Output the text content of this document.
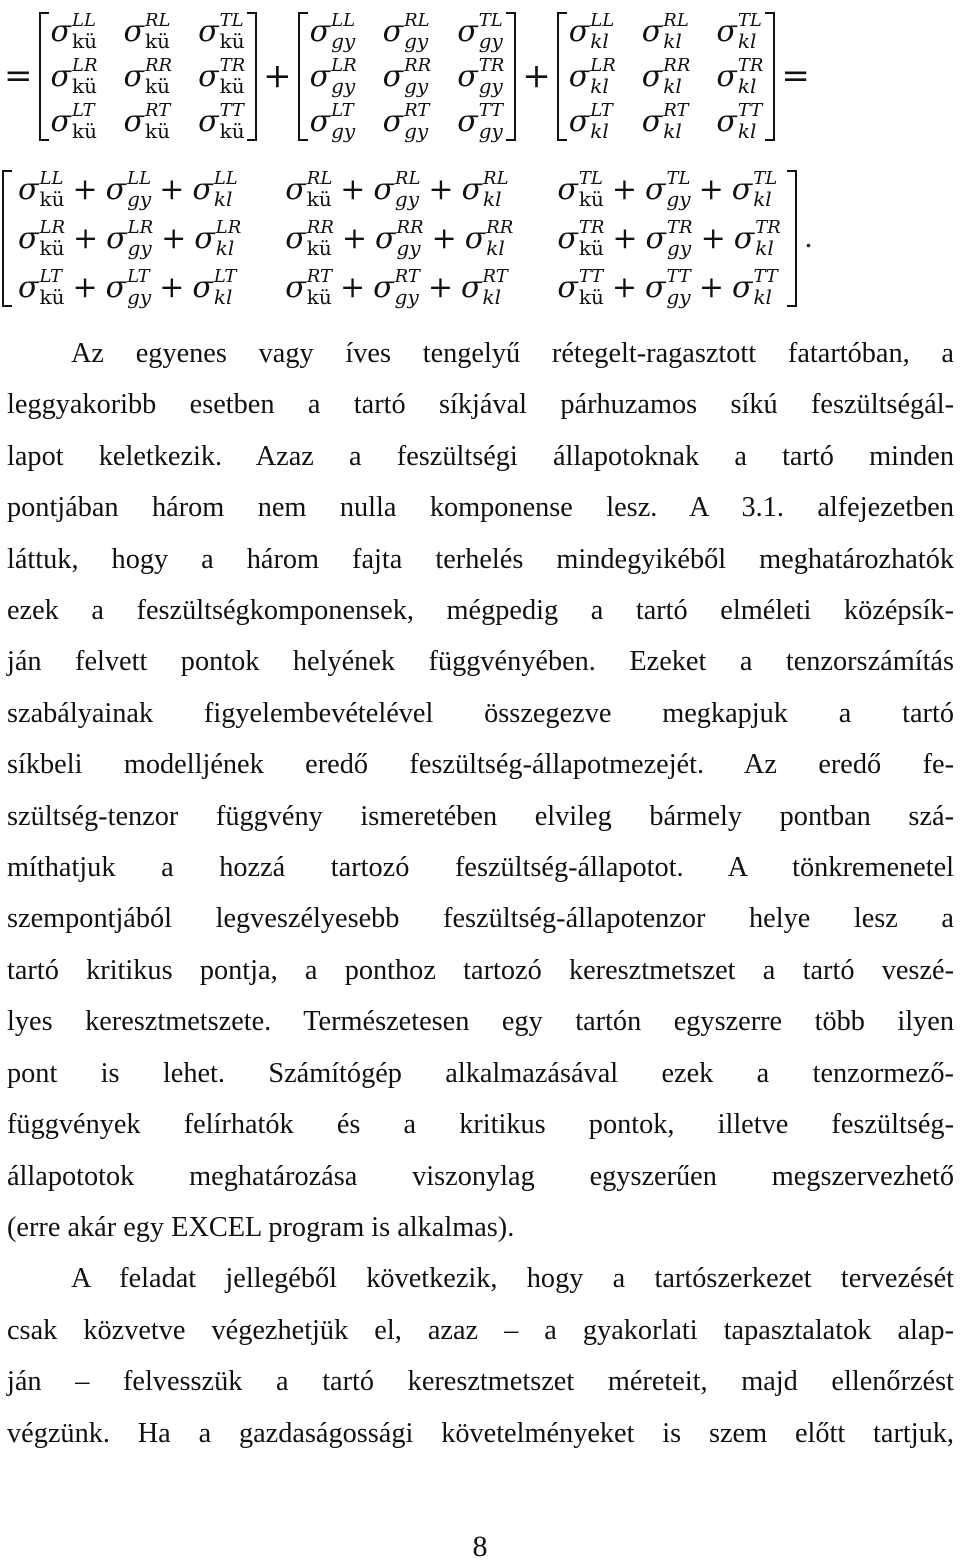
=
σ LL
kü σ RL
kü σ TL
kü
σ LR
kü σ RR
kü σ TR
kü
σ LT
kü σ RT
kü σ TT
kü
+
σ LL
gy σ RL
gy σ TL
gy
σ LR
gy σ RR
gy σ TR
gy
σ LT
gy σ RT
gy σ TT
gy
+
σ LL
kl σ RL
kl σ TL
kl
σ LR
kl σ RR
kl σ TR
kl
σ LT
kl σ RT
kl σ TT
kl
=
σ LL
kü + σ LL
gy + σ LL
kl σ RL
kü + σ RL
gy + σ RL
kl σ TL
kü + σ TL
gy + σ TL
kl
σ LR
kü + σ LR
gy + σ LR
kl σ RR
kü + σ RR
gy + σ RR
kl σ TR
kü + σ TR
gy + σ TR
kl
σ LT
kü + σ LT
gy + σ LT
kl σ RT
kü + σ RT
gy + σ RT
kl σ TT
kü + σ TT
gy + σ TT
kl
.

Az egyenes vagy íves tengelyű rétegelt-ragasztott fatartóban, a

leggyakoribb esetben a tartó síkjával párhuzamos síkú feszültségál-

lapot keletkezik. Azaz a feszültségi állapotoknak a tartó minden

pontjában három nem nulla komponense lesz. A 3.1. alfejezetben

láttuk, hogy a három fajta terhelés mindegyikéből meghatározhatók

ezek a feszültségkomponensek, mégpedig a tartó elméleti középsík-

ján felvett pontok helyének függvényében. Ezeket a tenzorszámítás

szabályainak figyelembevételével összegezve megkapjuk a tartó

síkbeli modelljének eredő feszültség-állapotmezejét. Az eredő fe-

szültség-tenzor függvény ismeretében elvileg bármely pontban szá-

míthatjuk a hozzá tartozó feszültség-állapotot. A tönkremenetel

szempontjából legveszélyesebb feszültség-állapotenzor helye lesz a

tartó kritikus pontja, a ponthoz tartozó keresztmetszet a tartó veszé-

lyes keresztmetszete. Természetesen egy tartón egyszerre több ilyen

pont is lehet. Számítógép alkalmazásával ezek a tenzormező-

függvények felírhatók és a kritikus pontok, illetve feszültség-

állapototok meghatározása viszonylag egyszerűen megszervezhető

(erre akár egy EXCEL program is alkalmas).

A feladat jellegéből következik, hogy a tartószerkezet tervezését

csak közvetve végezhetjük el, azaz – a gyakorlati tapasztalatok alap-

ján – felvesszük a tartó keresztmetszet méreteit, majd ellenőrzést

végzünk. Ha a gazdaságossági követelményeket is szem előtt tartjuk,

8
